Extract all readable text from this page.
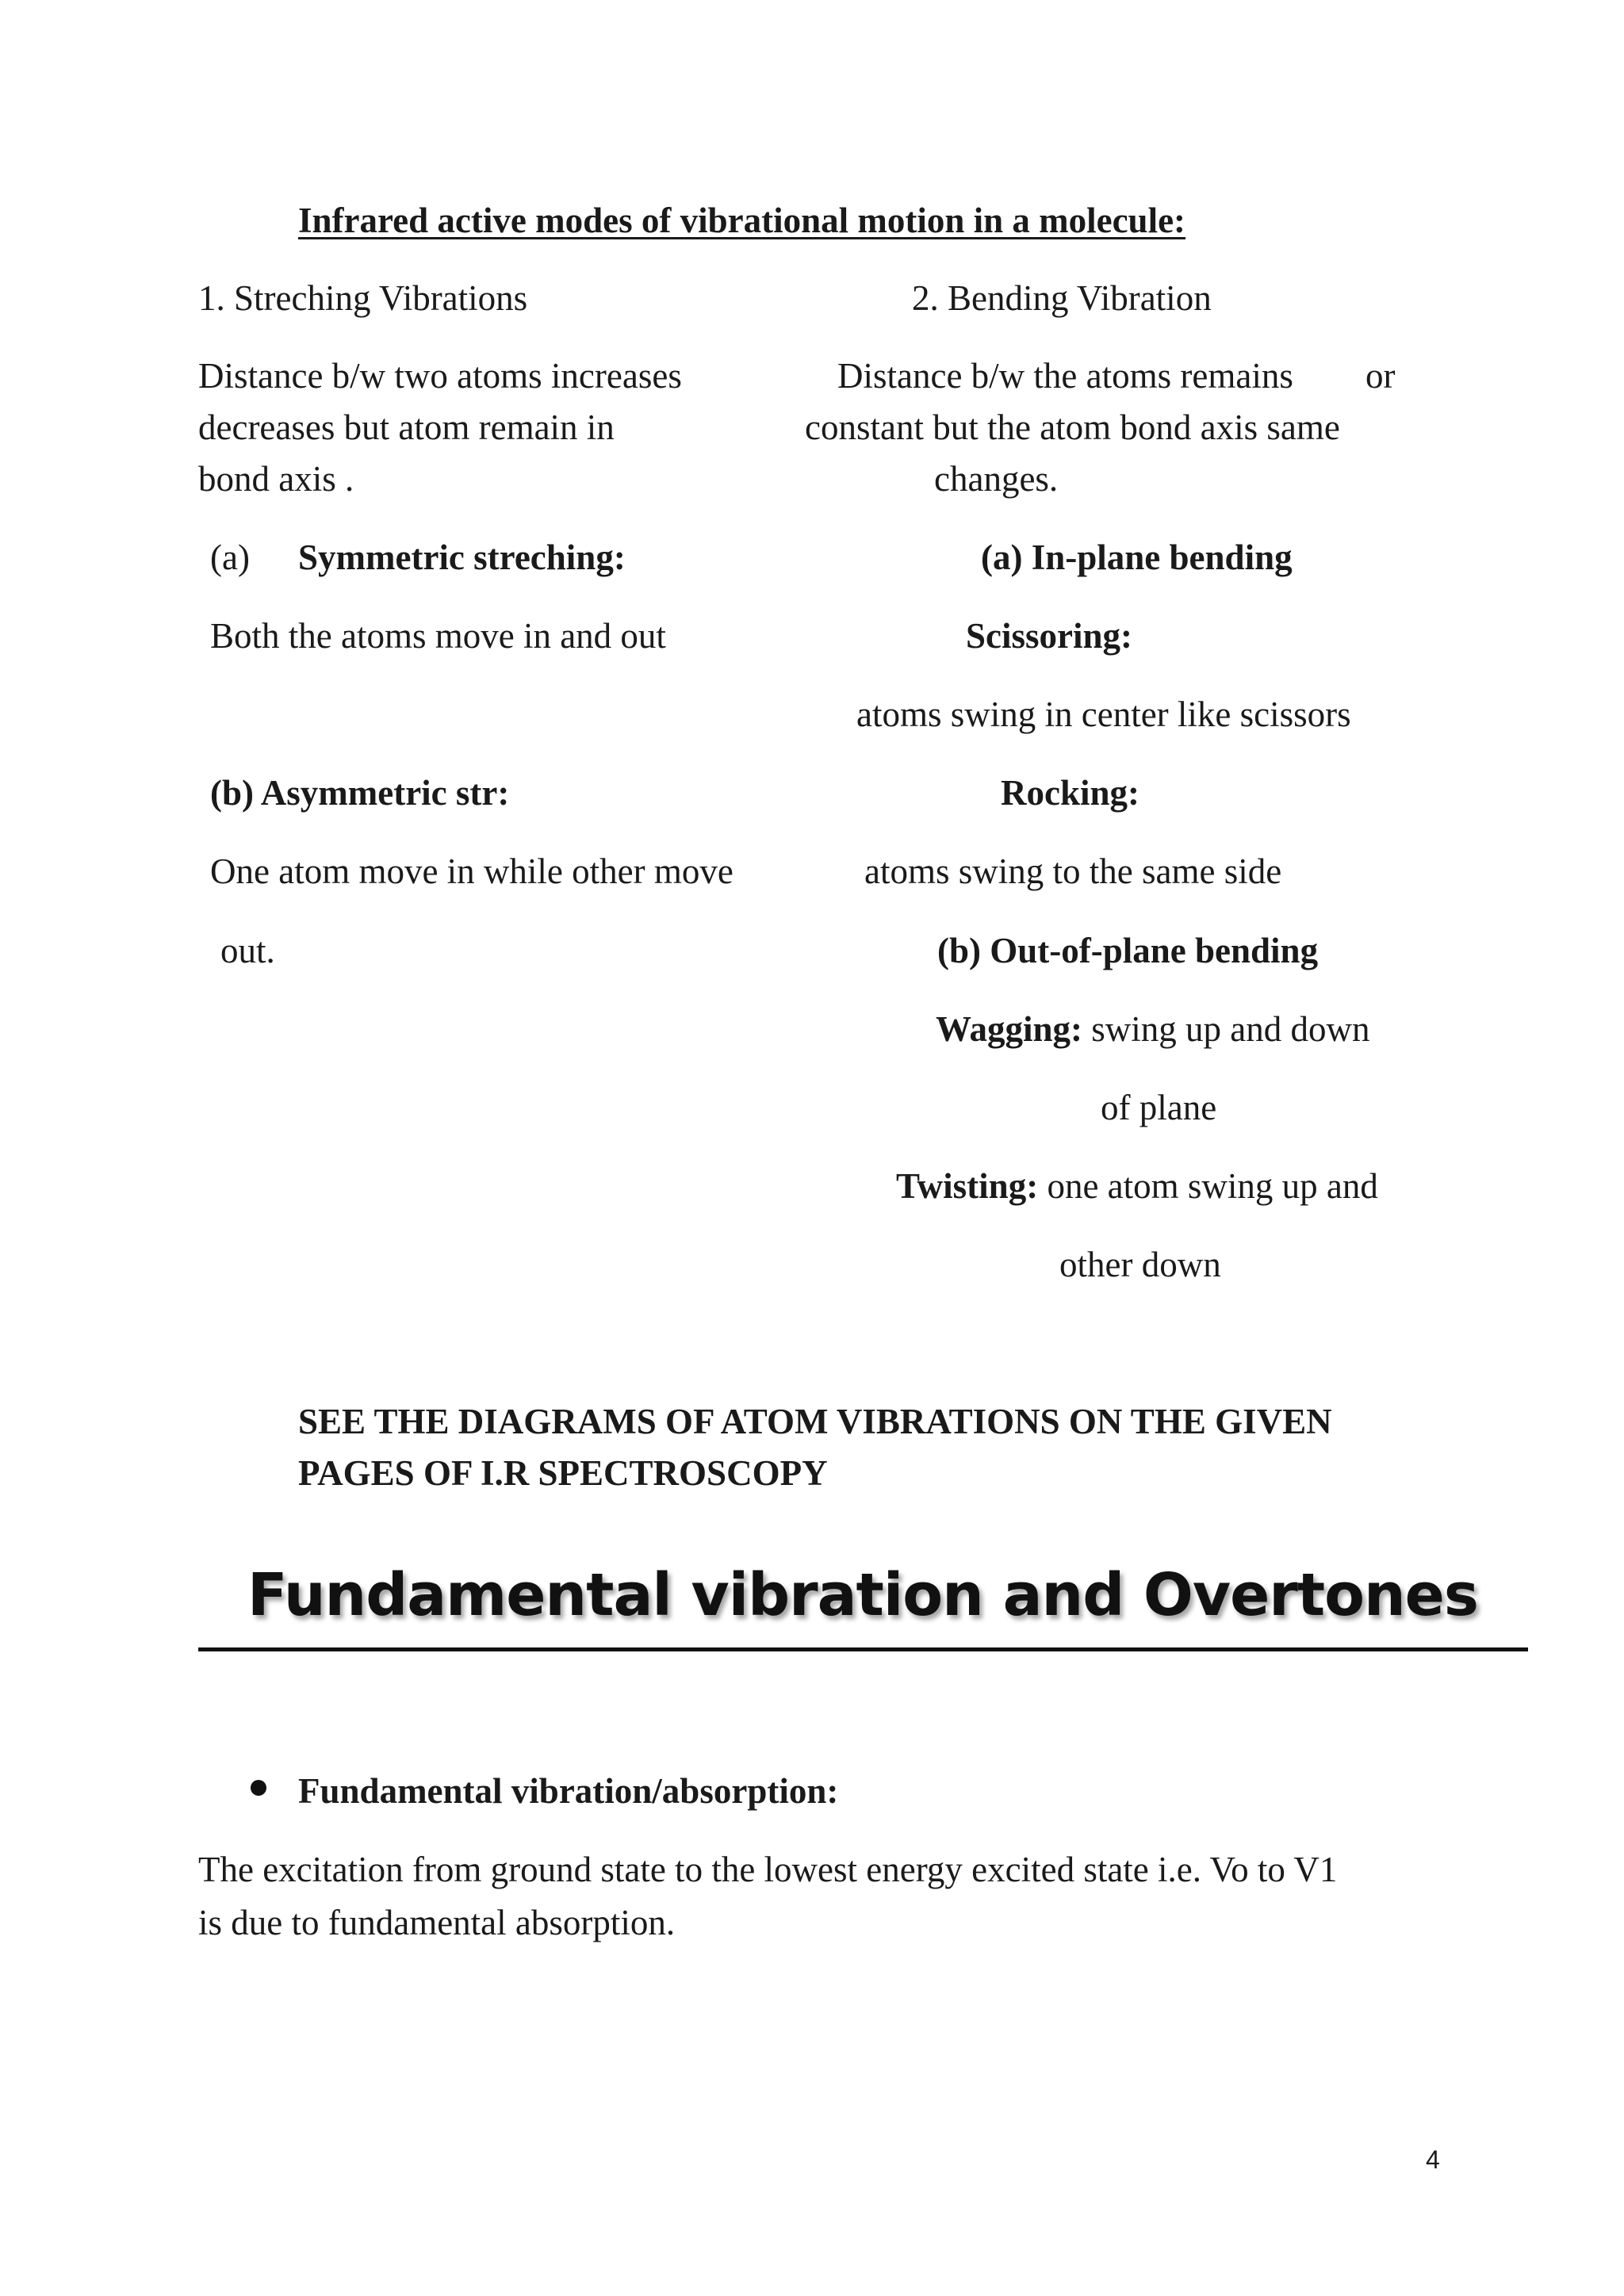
Infrared active modes of vibrational motion in a molecule:
1. Streching Vibrations
Distance b/w two atoms increases
decreases but atom remain in
bond axis .
(a) Symmetric streching:
Both the atoms move in and out
(b) Asymmetric str:
One atom move in while other move
out.
2. Bending Vibration
Distance b/w the atoms remains or
constant but the atom bond axis same
changes.
(a) In-plane bending
Scissoring:
atoms swing in center like scissors
Rocking:
atoms swing to the same side
(b) Out-of-plane bending
Wagging: swing up and down
of plane
Twisting: one atom swing up and
other down
SEE THE DIAGRAMS OF ATOM VIBRATIONS ON THE GIVEN
PAGES OF I.R SPECTROSCOPY
Fundamental vibration and Overtones
Fundamental vibration/absorption:
The excitation from ground state to the lowest energy excited state i.e. Vo to V1
is due to fundamental absorption.
4
